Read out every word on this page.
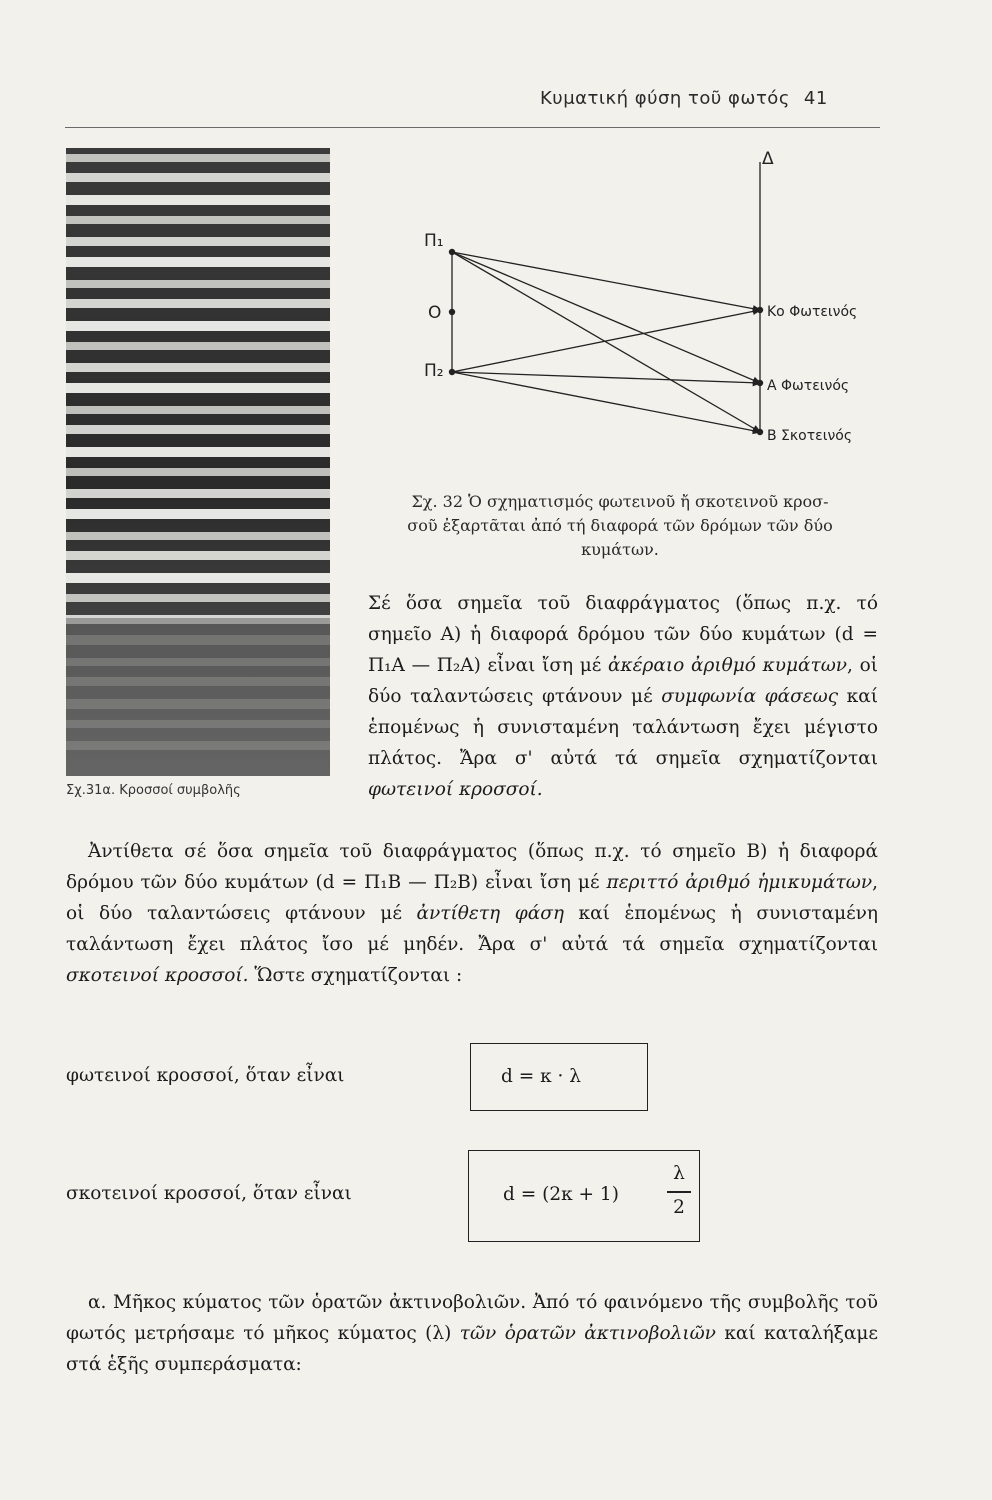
Κυματική φύση τοῦ φωτός 41
Σχ.31α. Κροσσοί συμβολῆς
Π₁
Ο
Π₂
Δ
Κο Φωτεινός
Α Φωτεινός
Β Σκοτεινός
Σχ. 32 Ὁ σχηματισμός φωτεινοῦ ἤ σκοτεινοῦ κροσ-
σοῦ ἐξαρτᾶται ἀπό τή διαφορά τῶν δρόμων τῶν δύο
κυμάτων.
Σέ ὅσα σημεῖα τοῦ διαφράγματος (ὅπως π.χ. τό σημεῖο Α) ἡ διαφορά δρόμου τῶν δύο κυμάτων (d = Π₁Α — Π₂Α) εἶναι ἴση μέ ἀκέραιο ἀριθμό κυμάτων, οἱ δύο ταλαντώσεις φτάνουν μέ συμφωνία φάσεως καί ἑπομένως ἡ συνισταμένη ταλάντωση ἔχει μέγιστο πλάτος. Ἄρα σ' αὐτά τά σημεῖα σχηματίζονται φωτεινοί κροσσοί.
Ἀντίθετα σέ ὅσα σημεῖα τοῦ διαφράγματος (ὅπως π.χ. τό σημεῖο Β) ἡ διαφορά δρόμου τῶν δύο κυμάτων (d = Π₁Β — Π₂Β) εἶναι ἴση μέ περιττό ἀριθμό ἡμικυμάτων, οἱ δύο ταλαντώσεις φτάνουν μέ ἀντίθετη φάση καί ἑπομένως ἡ συνισταμένη ταλάντωση ἔχει πλάτος ἴσο μέ μηδέν. Ἄρα σ' αὐτά τά σημεῖα σχηματίζονται σκοτεινοί κροσσοί. Ὥστε σχηματίζονται :
φωτεινοί κροσσοί, ὅταν εἶναι	d = κ · λ
σκοτεινοί κροσσοί, ὅταν εἶναι	d = (2κ + 1)
λ
2
α. Μῆκος κύματος τῶν ὁρατῶν ἀκτινοβολιῶν. Ἀπό τό φαινόμενο τῆς συμβολῆς τοῦ φωτός μετρήσαμε τό μῆκος κύματος (λ) τῶν ὁρατῶν ἀκτινοβολιῶν καί καταλήξαμε στά ἑξῆς συμπεράσματα:
